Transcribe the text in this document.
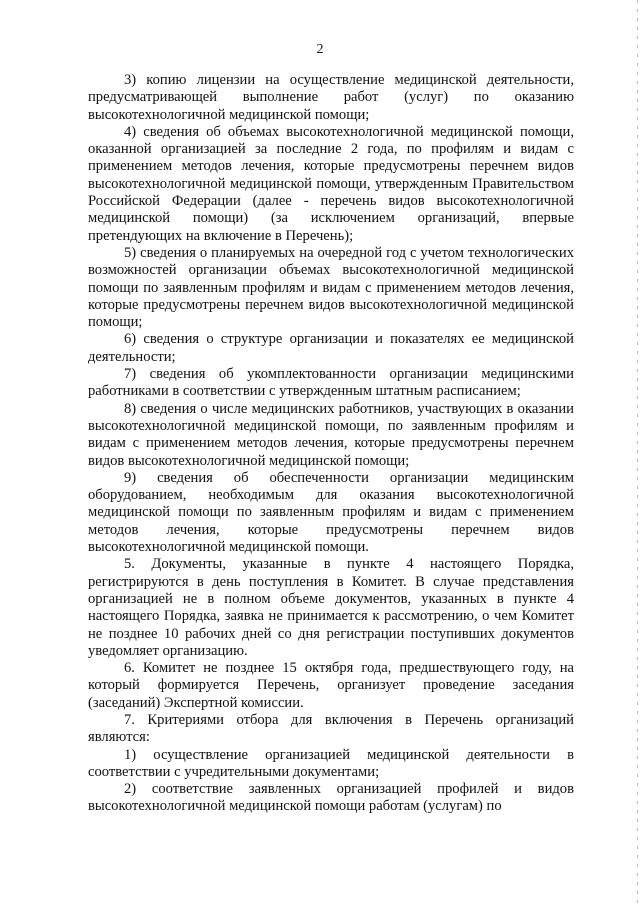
2

3) копию лицензии на осуществление медицинской деятельности, предусматривающей выполнение работ (услуг) по оказанию высокотехнологичной медицинской помощи;

4) сведения об объемах высокотехнологичной медицинской помощи, оказанной организацией за последние 2 года, по профилям и видам с применением методов лечения, которые предусмотрены перечнем видов высокотехнологичной медицинской помощи, утвержденным Правительством Российской Федерации (далее - перечень видов высокотехнологичной медицинской помощи) (за исключением организаций, впервые претендующих на включение в Перечень);

5) сведения о планируемых на очередной год с учетом технологических возможностей организации объемах высокотехнологичной медицинской помощи по заявленным профилям и видам с применением методов лечения, которые предусмотрены перечнем видов высокотехнологичной медицинской помощи;

6) сведения о структуре организации и показателях ее медицинской деятельности;

7) сведения об укомплектованности организации медицинскими работниками в соответствии с утвержденным штатным расписанием;

8) сведения о числе медицинских работников, участвующих в оказании высокотехнологичной медицинской помощи, по заявленным профилям и видам с применением методов лечения, которые предусмотрены перечнем видов высокотехнологичной медицинской помощи;

9) сведения об обеспеченности организации медицинским оборудованием, необходимым для оказания высокотехнологичной медицинской помощи по заявленным профилям и видам с применением методов лечения, которые предусмотрены перечнем видов высокотехнологичной медицинской помощи.

5. Документы, указанные в пункте 4 настоящего Порядка, регистрируются в день поступления в Комитет. В случае представления организацией не в полном объеме документов, указанных в пункте 4 настоящего Порядка, заявка не принимается к рассмотрению, о чем Комитет не позднее 10 рабочих дней со дня регистрации поступивших документов уведомляет организацию.

6. Комитет не позднее 15 октября года, предшествующего году, на который формируется Перечень, организует проведение заседания (заседаний) Экспертной комиссии.

7. Критериями отбора для включения в Перечень организаций являются:

1) осуществление организацией медицинской деятельности в соответствии с учредительными документами;

2) соответствие заявленных организацией профилей и видов высокотехнологичной медицинской помощи работам (услугам) по
